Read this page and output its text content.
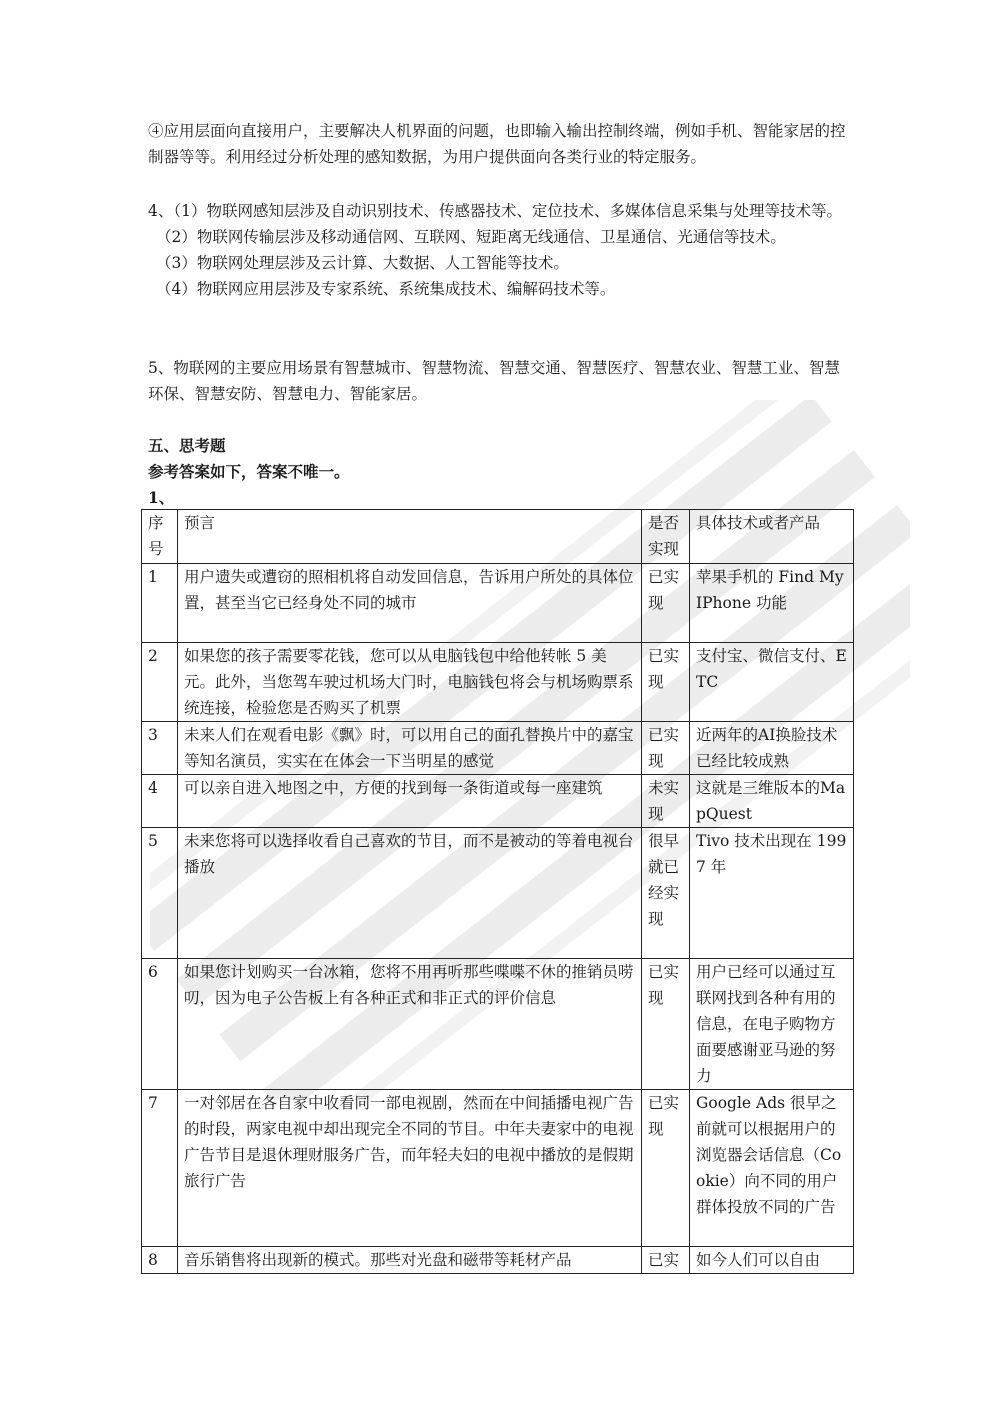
④应用层面向直接用户，主要解决人机界面的问题，也即输入输出控制终端，例如手机、智能家居的控制器等等。利用经过分析处理的感知数据，为用户提供面向各类行业的特定服务。

4、（1）物联网感知层涉及自动识别技术、传感器技术、定位技术、多媒体信息采集与处理等技术等。

（2）物联网传输层涉及移动通信网、互联网、短距离无线通信、卫星通信、光通信等技术。

（3）物联网处理层涉及云计算、大数据、人工智能等技术。

（4）物联网应用层涉及专家系统、系统集成技术、编解码技术等。

5、物联网的主要应用场景有智慧城市、智慧物流、智慧交通、智慧医疗、智慧农业、智慧工业、智慧环保、智慧安防、智慧电力、智能家居。

五、思考题

参考答案如下，答案不唯一。

1、

序号	预言	是否实现	具体技术或者产品
1	用户遗失或遭窃的照相机将自动发回信息，告诉用户所处的具体位置，甚至当它已经身处不同的城市	已实现	苹果手机的 Find My IPhone 功能
2	如果您的孩子需要零花钱，您可以从电脑钱包中给他转帐 5 美元。此外，当您驾车驶过机场大门时，电脑钱包将会与机场购票系统连接，检验您是否购买了机票	已实现	支付宝、微信支付、ETC
3	未来人们在观看电影《飘》时，可以用自己的面孔替换片中的嘉宝等知名演员，实实在在体会一下当明星的感觉	已实现	近两年的AI换脸技术已经比较成熟
4	可以亲自进入地图之中，方便的找到每一条街道或每一座建筑	未实现	这就是三维版本的MapQuest
5	未来您将可以选择收看自己喜欢的节目，而不是被动的等着电视台播放	很早就已经实现	Tivo 技术出现在 1997 年
6	如果您计划购买一台冰箱，您将不用再听那些喋喋不休的推销员唠叨，因为电子公告板上有各种正式和非正式的评价信息	已实现	用户已经可以通过互联网找到各种有用的信息，在电子购物方面要感谢亚马逊的努力
7	一对邻居在各自家中收看同一部电视剧，然而在中间插播电视广告的时段，两家电视中却出现完全不同的节目。中年夫妻家中的电视广告节目是退休理财服务广告，而年轻夫妇的电视中播放的是假期旅行广告	已实现	Google Ads 很早之前就可以根据用户的浏览器会话信息（Cookie）向不同的用户群体投放不同的广告
8	音乐销售将出现新的模式。那些对光盘和磁带等耗材产品	已实	如今人们可以自由
